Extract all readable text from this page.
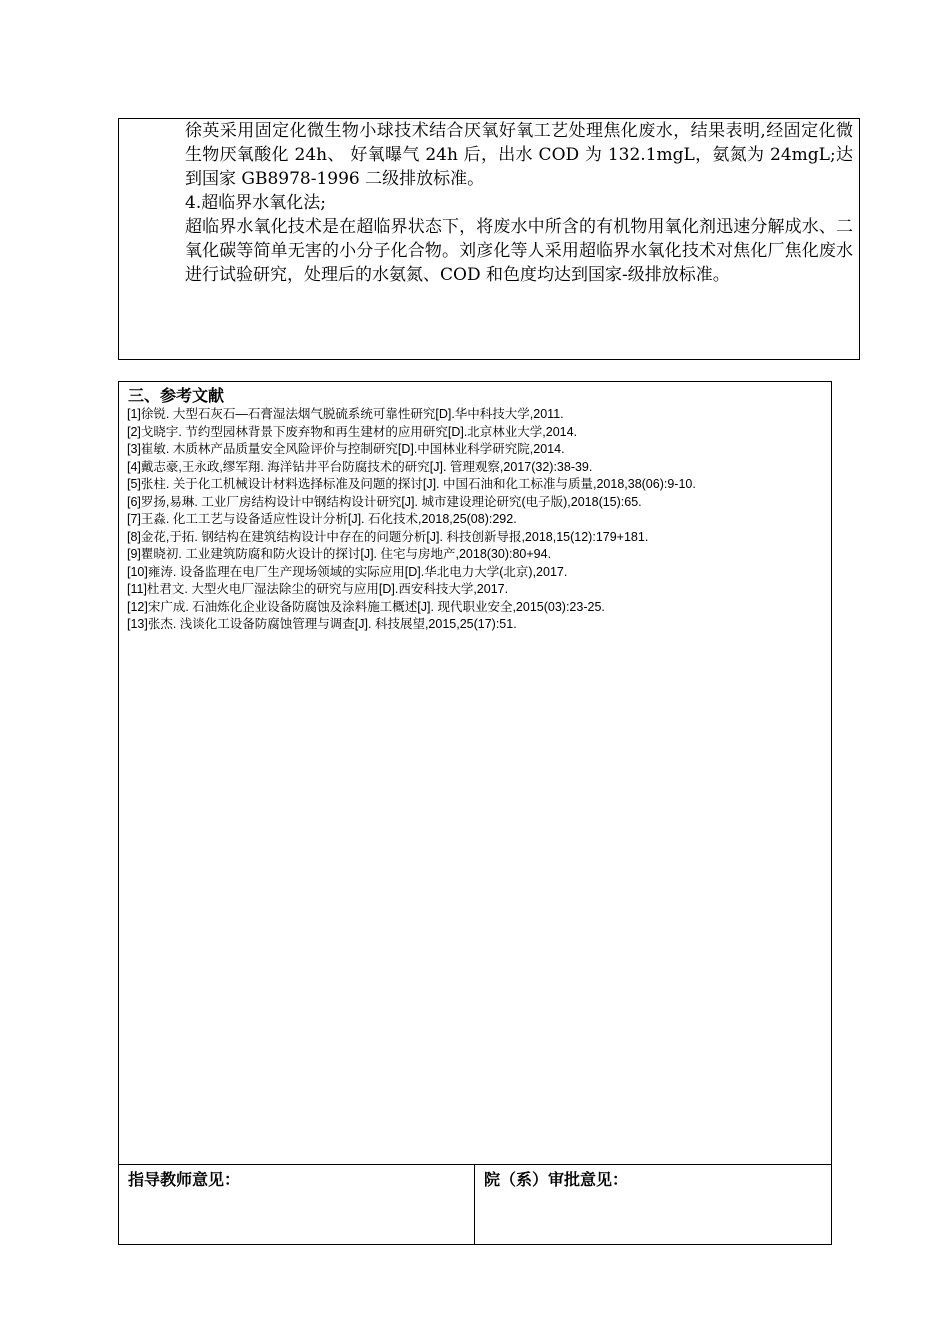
徐英采用固定化微生物小球技术结合厌氧好氧工艺处理焦化废水，结果表明,经固定化微生物厌氧酸化 24h、 好氧曝气 24h 后，出水 COD 为 132.1mgL，氨氮为 24mgL;达到国家 GB8978-1996 二级排放标准。

4.超临界水氧化法;

超临界水氧化技术是在超临界状态下，将废水中所含的有机物用氧化剂迅速分解成水、二氧化碳等简单无害的小分子化合物。刘彦化等人采用超临界水氧化技术对焦化厂焦化废水进行试验研究，处理后的水氨氮、COD 和色度均达到国家-级排放标准。

三、参考文献
[1]徐锐. 大型石灰石—石膏湿法烟气脱硫系统可靠性研究[D].华中科技大学,2011.
[2]戈晓宇. 节约型园林背景下废弃物和再生建材的应用研究[D].北京林业大学,2014.
[3]崔敏. 木质林产品质量安全风险评价与控制研究[D].中国林业科学研究院,2014.
[4]戴志豪,王永政,缪军翔. 海洋钻井平台防腐技术的研究[J]. 管理观察,2017(32):38-39.
[5]张柱. 关于化工机械设计材料选择标准及问题的探讨[J]. 中国石油和化工标准与质量,2018,38(06):9-10.
[6]罗扬,易琳. 工业厂房结构设计中钢结构设计研究[J]. 城市建设理论研究(电子版),2018(15):65.
[7]王淼. 化工工艺与设备适应性设计分析[J]. 石化技术,2018,25(08):292.
[8]金花,于拓. 钢结构在建筑结构设计中存在的问题分析[J]. 科技创新导报,2018,15(12):179+181.
[9]瞿晓初. 工业建筑防腐和防火设计的探讨[J]. 住宅与房地产,2018(30):80+94.
[10]雍涛. 设备监理在电厂生产现场领域的实际应用[D].华北电力大学(北京),2017.
[11]杜君文. 大型火电厂湿法除尘的研究与应用[D].西安科技大学,2017.
[12]宋广成. 石油炼化企业设备防腐蚀及涂料施工概述[J]. 现代职业安全,2015(03):23-25.
[13]张杰. 浅谈化工设备防腐蚀管理与调查[J]. 科技展望,2015,25(17):51.
指导教师意见：	院（系）审批意见：
